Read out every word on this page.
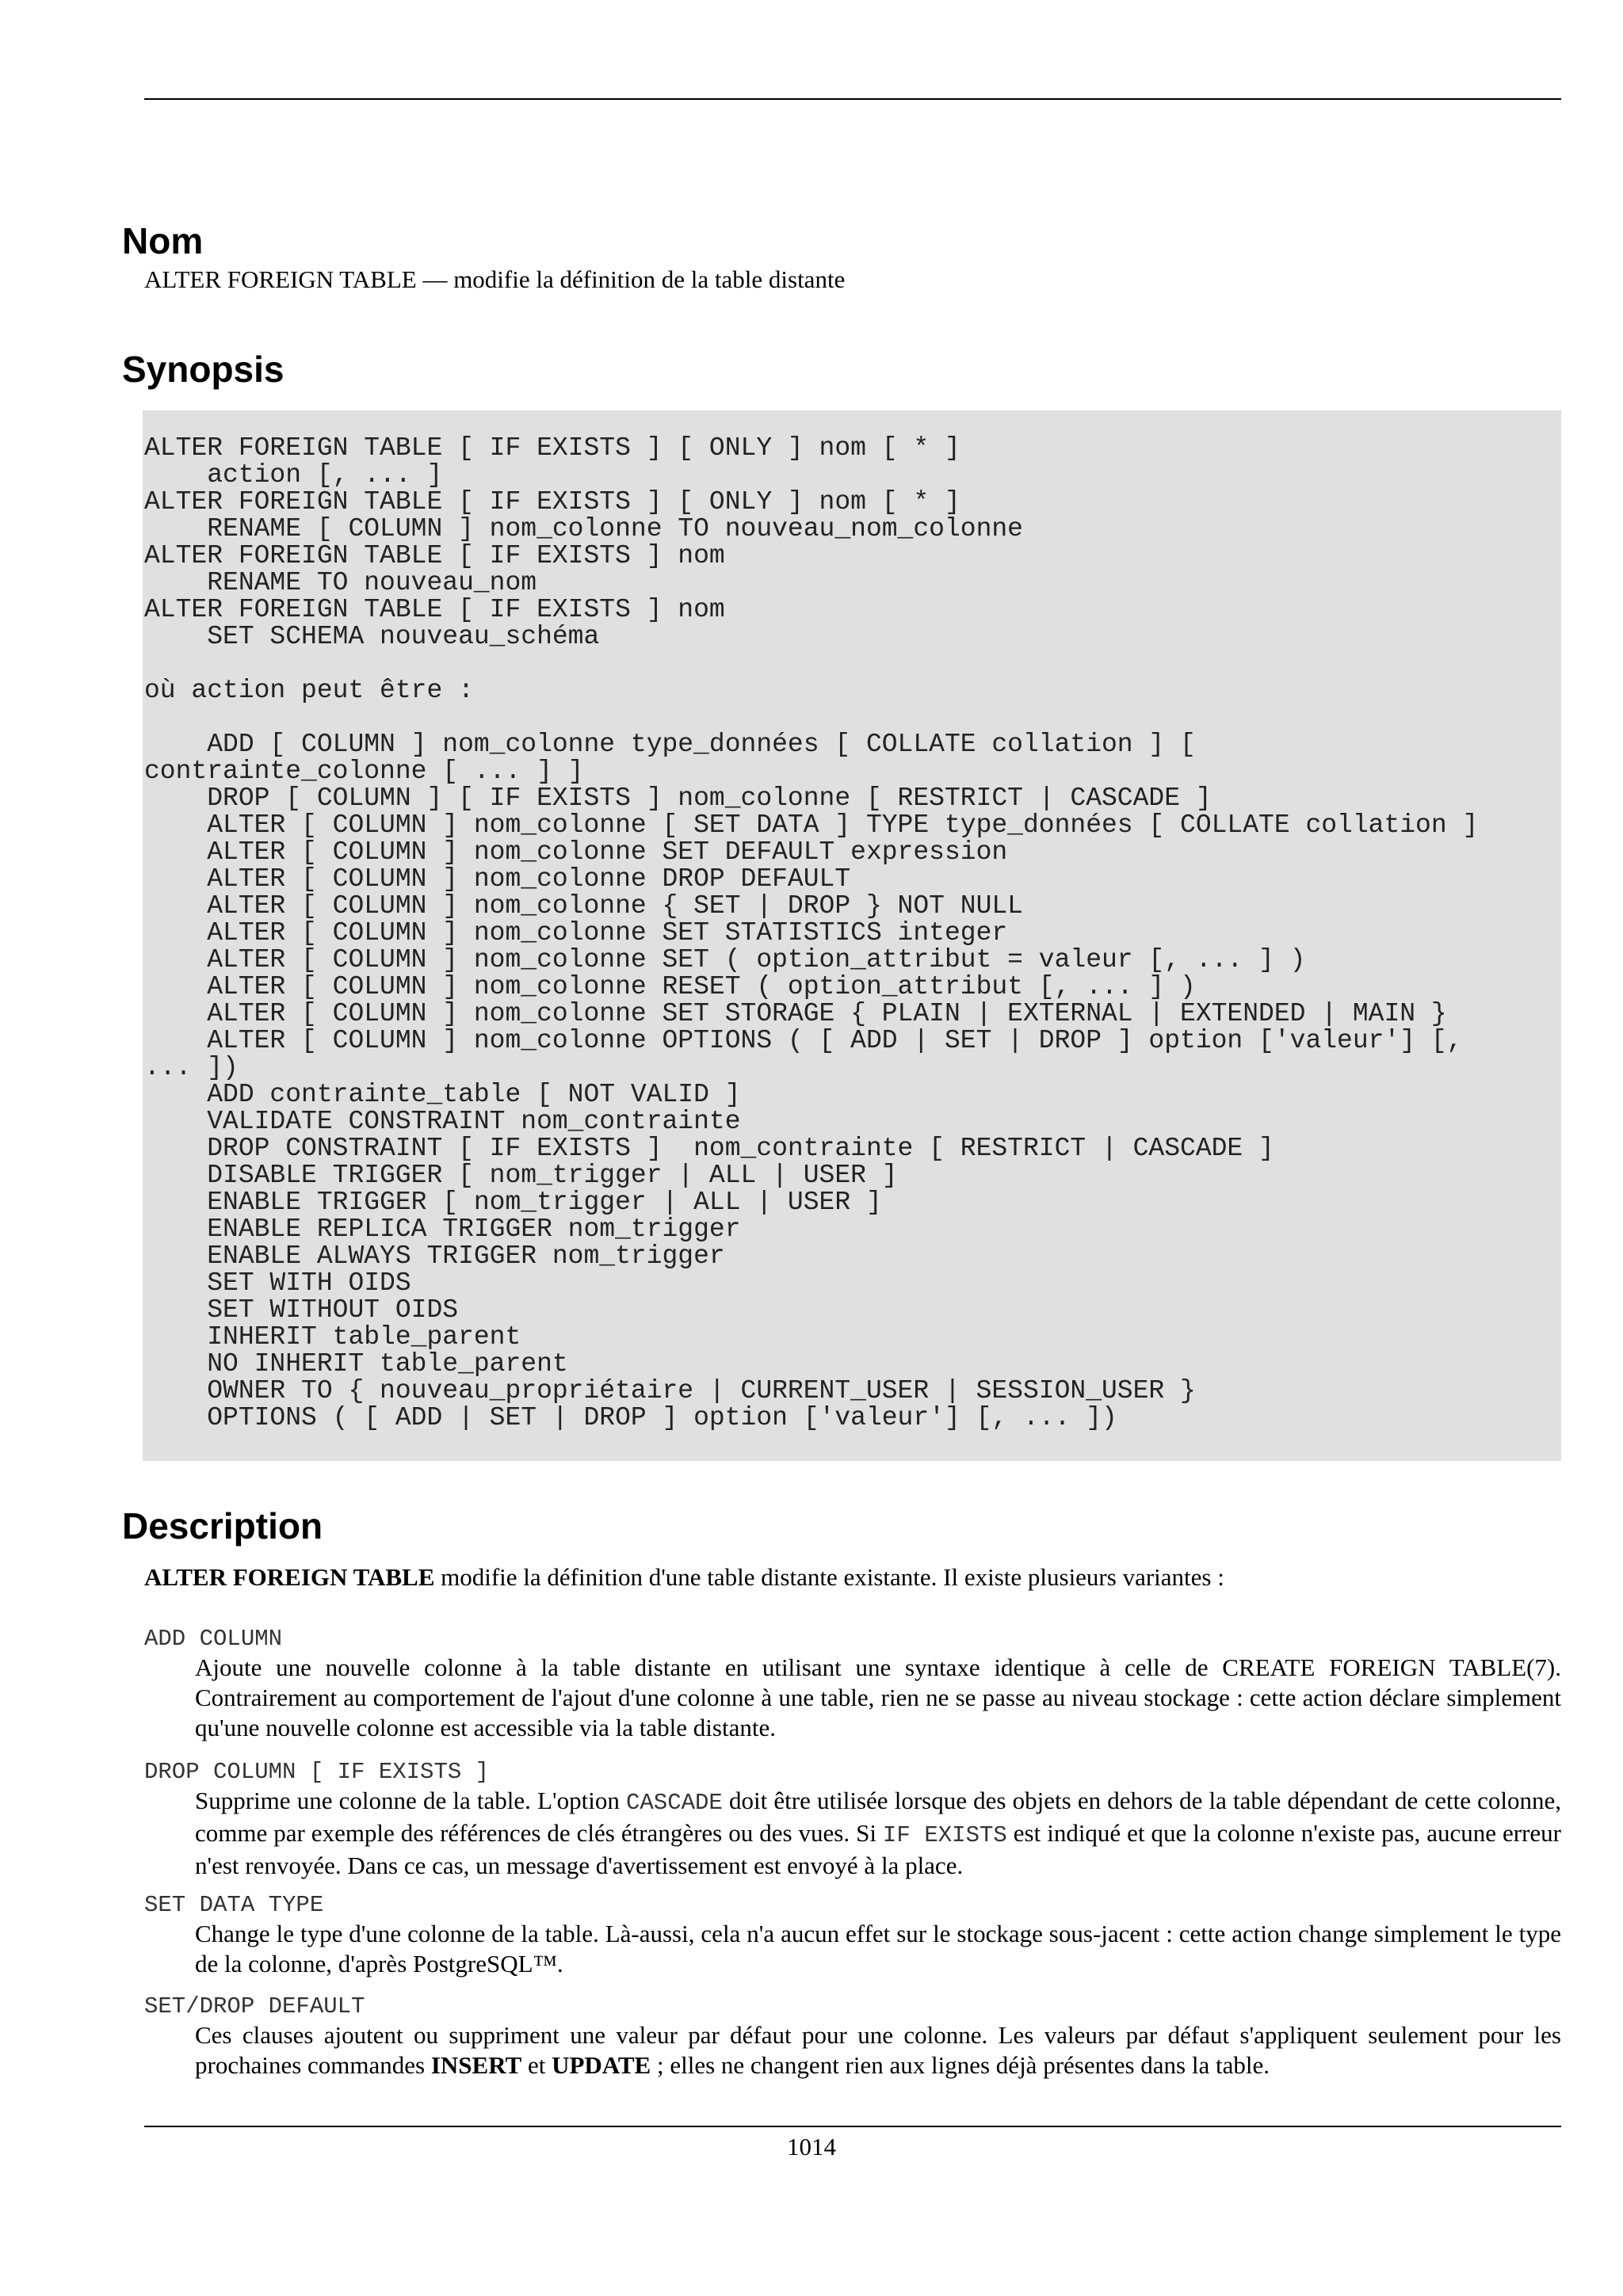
Nom

ALTER FOREIGN TABLE — modifie la définition de la table distante

Synopsis
ALTER FOREIGN TABLE [ IF EXISTS ] [ ONLY ] nom [ * ]
action [, ... ]
ALTER FOREIGN TABLE [ IF EXISTS ] [ ONLY ] nom [ * ]
RENAME [ COLUMN ] nom_colonne TO nouveau_nom_colonne
ALTER FOREIGN TABLE [ IF EXISTS ] nom
RENAME TO nouveau_nom
ALTER FOREIGN TABLE [ IF EXISTS ] nom
SET SCHEMA nouveau_schéma
où action peut être :
ADD [ COLUMN ] nom_colonne type_données [ COLLATE collation ] [
contrainte_colonne [ ... ] ]
DROP [ COLUMN ] [ IF EXISTS ] nom_colonne [ RESTRICT | CASCADE ]
ALTER [ COLUMN ] nom_colonne [ SET DATA ] TYPE type_données [ COLLATE collation ]
ALTER [ COLUMN ] nom_colonne SET DEFAULT expression
ALTER [ COLUMN ] nom_colonne DROP DEFAULT
ALTER [ COLUMN ] nom_colonne { SET | DROP } NOT NULL
ALTER [ COLUMN ] nom_colonne SET STATISTICS integer
ALTER [ COLUMN ] nom_colonne SET ( option_attribut = valeur [, ... ] )
ALTER [ COLUMN ] nom_colonne RESET ( option_attribut [, ... ] )
ALTER [ COLUMN ] nom_colonne SET STORAGE { PLAIN | EXTERNAL | EXTENDED | MAIN }
ALTER [ COLUMN ] nom_colonne OPTIONS ( [ ADD | SET | DROP ] option ['valeur'] [,
... ])
ADD contrainte_table [ NOT VALID ]
VALIDATE CONSTRAINT nom_contrainte
DROP CONSTRAINT [ IF EXISTS ]  nom_contrainte [ RESTRICT | CASCADE ]
DISABLE TRIGGER [ nom_trigger | ALL | USER ]
ENABLE TRIGGER [ nom_trigger | ALL | USER ]
ENABLE REPLICA TRIGGER nom_trigger
ENABLE ALWAYS TRIGGER nom_trigger
SET WITH OIDS
SET WITHOUT OIDS
INHERIT table_parent
NO INHERIT table_parent
OWNER TO { nouveau_propriétaire | CURRENT_USER | SESSION_USER }
OPTIONS ( [ ADD | SET | DROP ] option ['valeur'] [, ... ])
Description

ALTER FOREIGN TABLE modifie la définition d'une table distante existante. Il existe plusieurs variantes :

ADD COLUMN

Ajoute une nouvelle colonne à la table distante en utilisant une syntaxe identique à celle de CREATE FOREIGN TABLE(7). Contrairement au comportement de l'ajout d'une colonne à une table, rien ne se passe au niveau stockage : cette action déclare simplement qu'une nouvelle colonne est accessible via la table distante.

DROP COLUMN [ IF EXISTS ]

Supprime une colonne de la table. L'option CASCADE doit être utilisée lorsque des objets en dehors de la table dépendant de cette colonne, comme par exemple des références de clés étrangères ou des vues. Si IF EXISTS est indiqué et que la colonne n'existe pas, aucune erreur n'est renvoyée. Dans ce cas, un message d'avertissement est envoyé à la place.

SET DATA TYPE

Change le type d'une colonne de la table. Là-aussi, cela n'a aucun effet sur le stockage sous-jacent : cette action change simplement le type de la colonne, d'après PostgreSQL™.

SET/DROP DEFAULT

Ces clauses ajoutent ou suppriment une valeur par défaut pour une colonne. Les valeurs par défaut s'appliquent seulement pour les prochaines commandes INSERT et UPDATE ; elles ne changent rien aux lignes déjà présentes dans la table.

1014
